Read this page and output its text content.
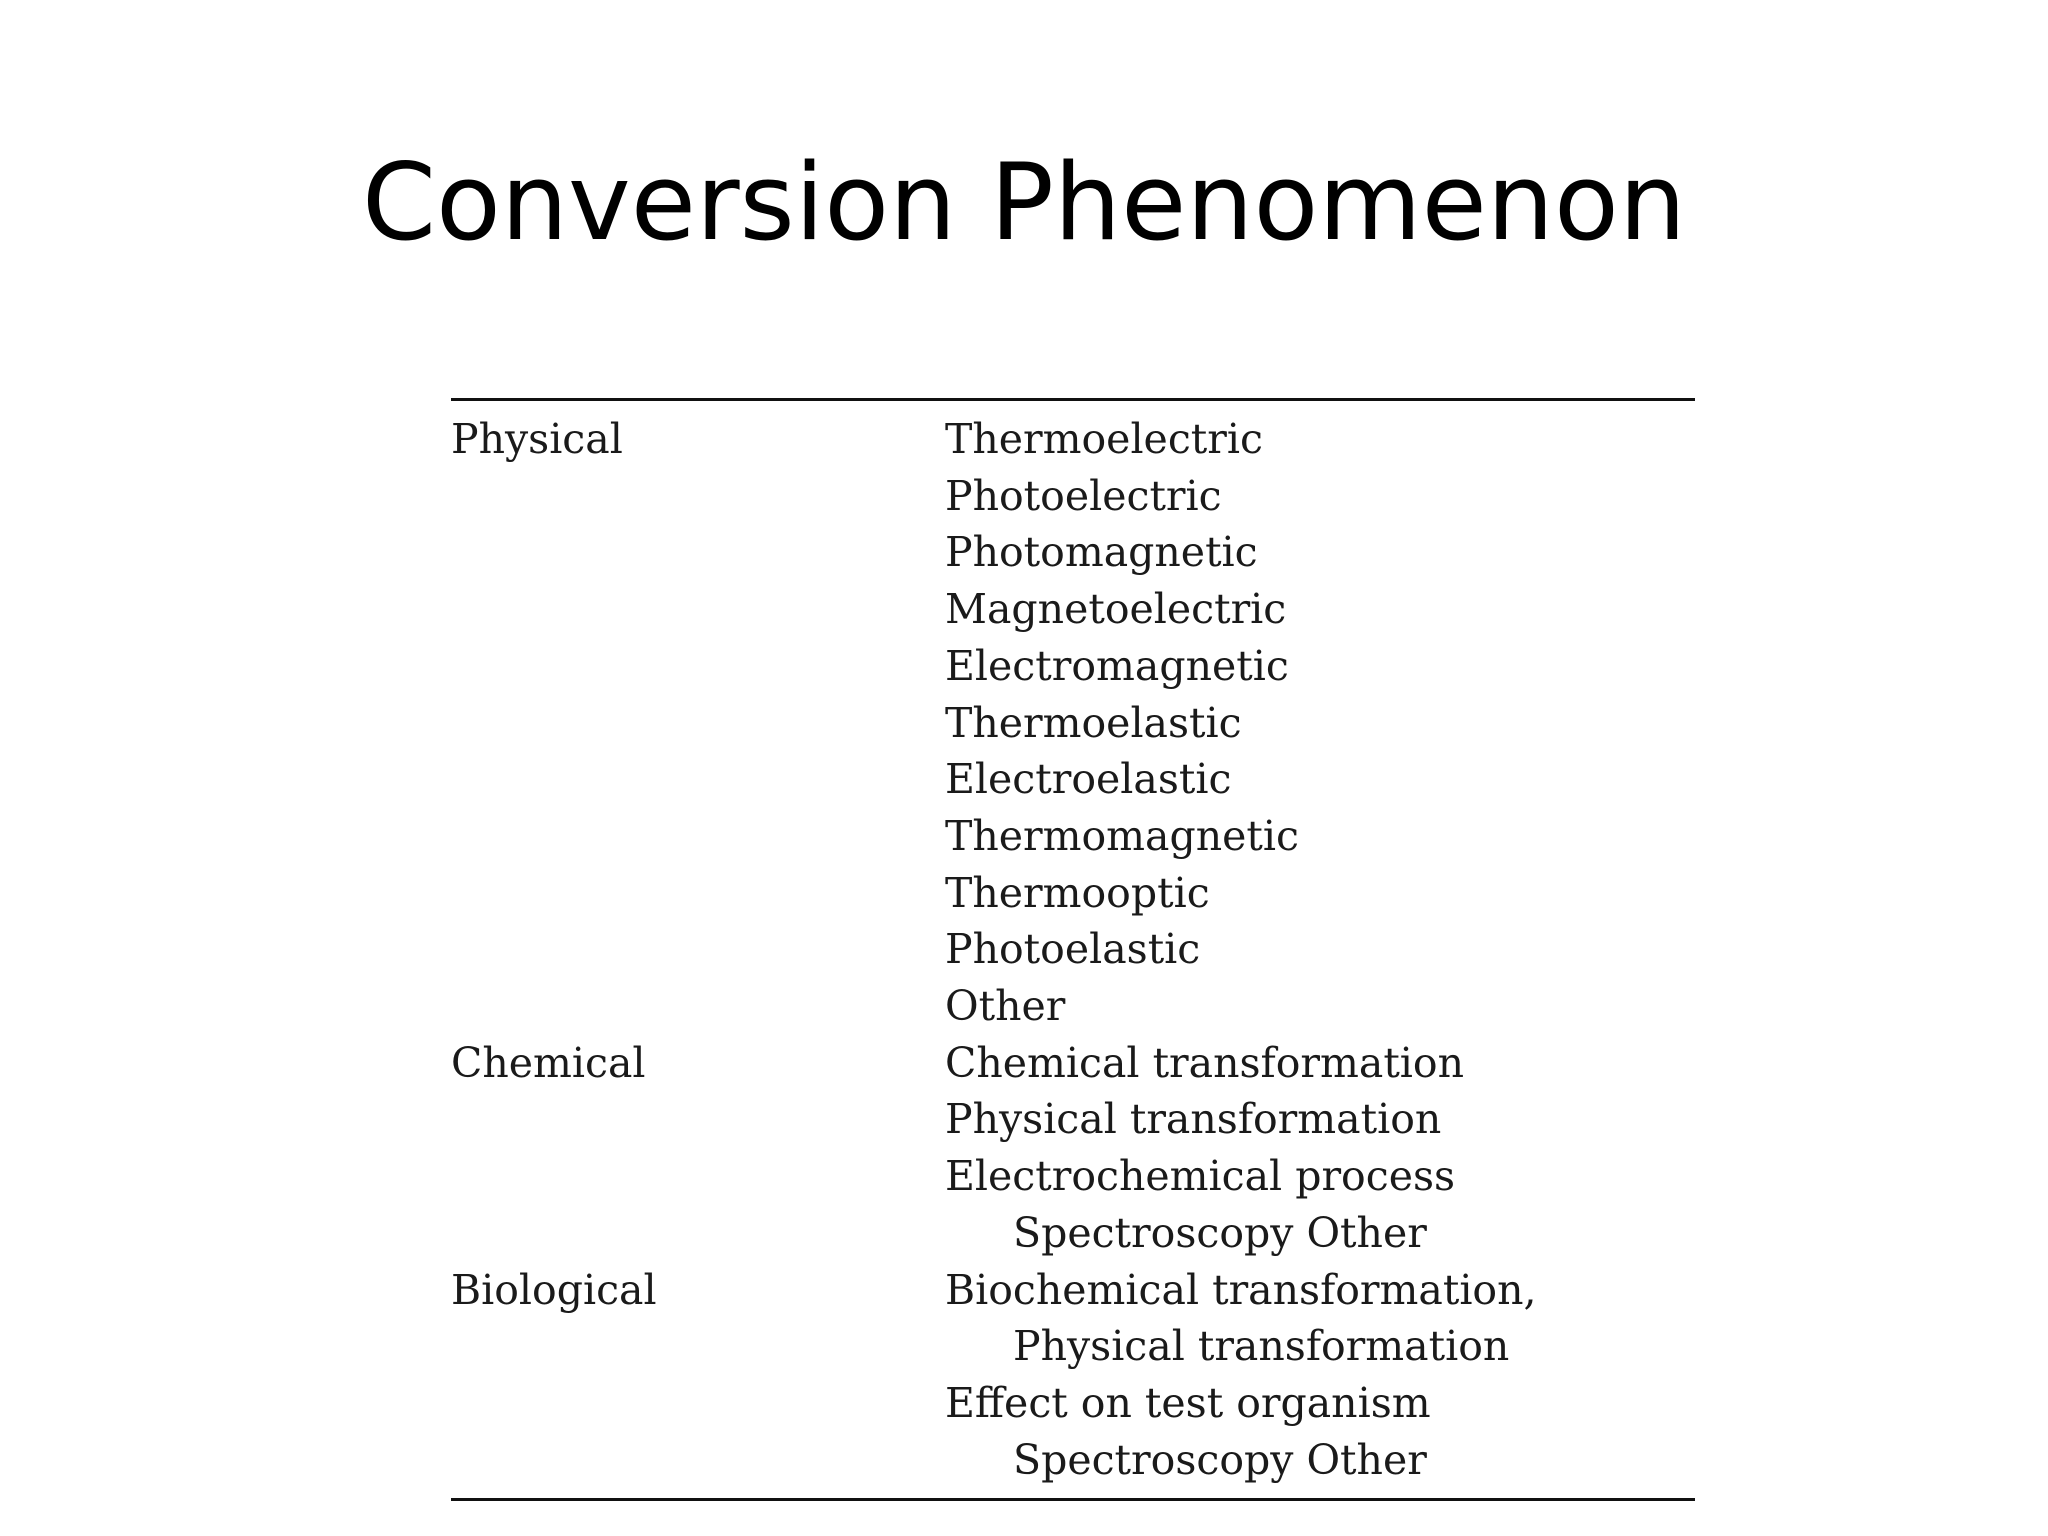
Conversion Phenomenon
Physical	Thermoelectric
Photoelectric
Photomagnetic
Magnetoelectric
Electromagnetic
Thermoelastic
Electroelastic
Thermomagnetic
Thermooptic
Photoelastic
Other
Chemical	Chemical transformation
Physical transformation
Electrochemical process Spectroscopy Other
Biological	Biochemical transformation, Physical transformation
Effect on test organism Spectroscopy Other
